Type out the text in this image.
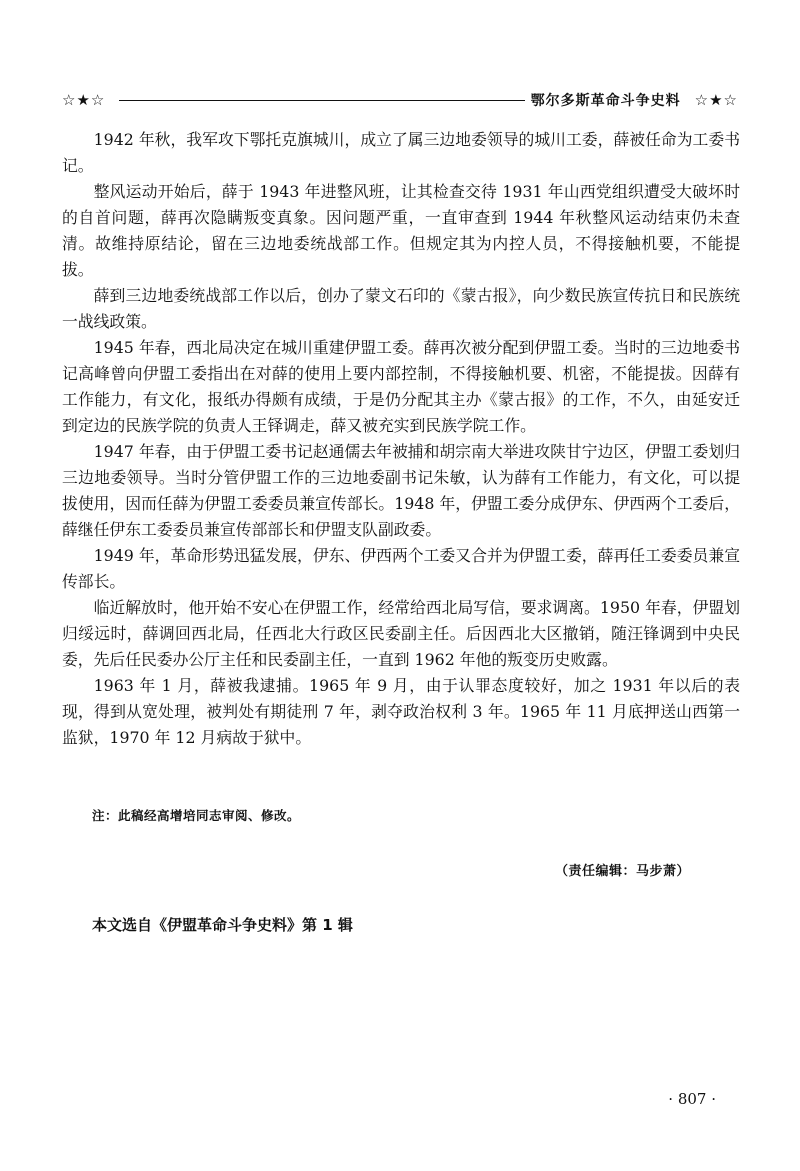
☆★☆	鄂尔多斯革命斗争史料 ☆★☆

1942 年秋，我军攻下鄂托克旗城川，成立了属三边地委领导的城川工委，薛被任命为工委书记。

整风运动开始后，薛于 1943 年进整风班，让其检查交待 1931 年山西党组织遭受大破坏时的自首问题，薛再次隐瞒叛变真象。因问题严重，一直审查到 1944 年秋整风运动结束仍未查清。故维持原结论，留在三边地委统战部工作。但规定其为内控人员，不得接触机要，不能提拔。

薛到三边地委统战部工作以后，创办了蒙文石印的《蒙古报》，向少数民族宣传抗日和民族统一战线政策。

1945 年春，西北局决定在城川重建伊盟工委。薛再次被分配到伊盟工委。当时的三边地委书记高峰曾向伊盟工委指出在对薛的使用上要内部控制，不得接触机要、机密，不能提拔。因薛有工作能力，有文化，报纸办得颇有成绩，于是仍分配其主办《蒙古报》的工作，不久，由延安迁到定边的民族学院的负责人王铎调走，薛又被充实到民族学院工作。

1947 年春，由于伊盟工委书记赵通儒去年被捕和胡宗南大举进攻陕甘宁边区，伊盟工委划归三边地委领导。当时分管伊盟工作的三边地委副书记朱敏，认为薛有工作能力，有文化，可以提拔使用，因而任薛为伊盟工委委员兼宣传部长。1948 年，伊盟工委分成伊东、伊西两个工委后，薛继任伊东工委委员兼宣传部部长和伊盟支队副政委。

1949 年，革命形势迅猛发展，伊东、伊西两个工委又合并为伊盟工委，薛再任工委委员兼宣传部长。

临近解放时，他开始不安心在伊盟工作，经常给西北局写信，要求调离。1950 年春，伊盟划归绥远时，薛调回西北局，任西北大行政区民委副主任。后因西北大区撤销，随汪锋调到中央民委，先后任民委办公厅主任和民委副主任，一直到 1962 年他的叛变历史败露。

1963 年 1 月，薛被我逮捕。1965 年 9 月，由于认罪态度较好，加之 1931 年以后的表现，得到从宽处理，被判处有期徒刑 7 年，剥夺政治权利 3 年。1965 年 11 月底押送山西第一监狱，1970 年 12 月病故于狱中。

注：此稿经高增培同志审阅、修改。
（责任编辑：马步萧）
本文选自《伊盟革命斗争史料》第 1 辑
· 807 ·
